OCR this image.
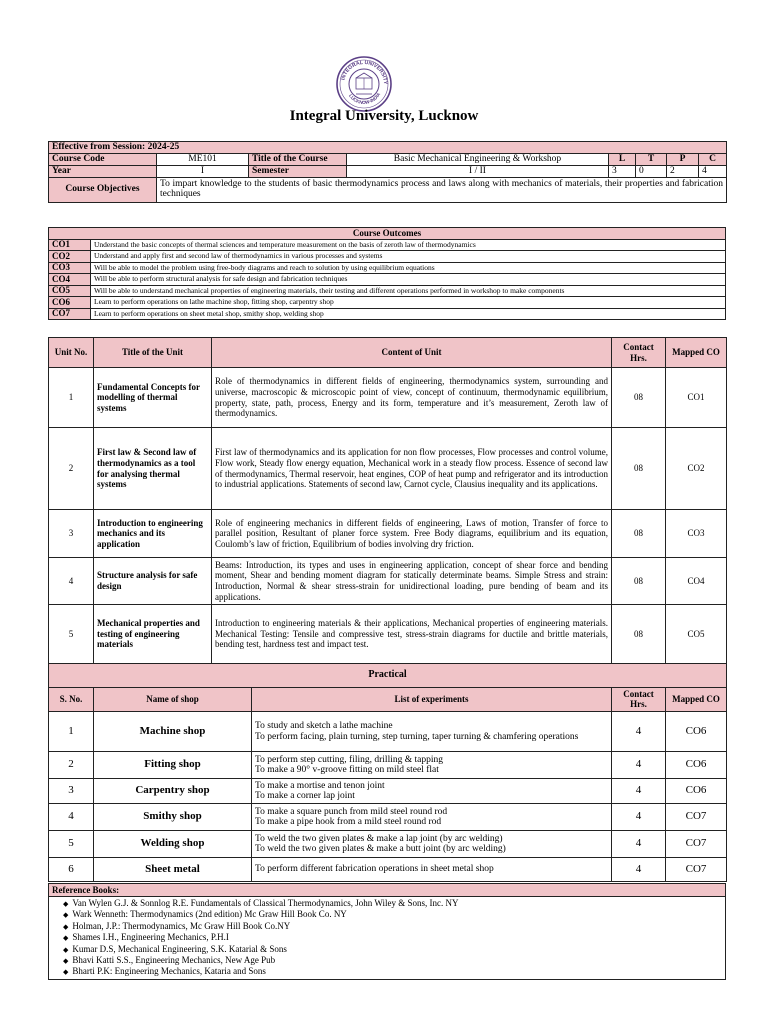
INTEGRAL UNIVERSITY
LUCKNOW-INDIA
Integral University, Lucknow
Effective from Session: 2024-25							
Course Code	ME101	Title of the Course	Basic Mechanical Engineering & Workshop	L	T	P	C
Year	I	Semester	I / II	3	0	2	4
Course Objectives	To impart knowledge to the students of basic thermodynamics process and laws along with mechanics of materials, their properties and fabrication techniques						
Course Outcomes	
CO1	Understand the basic concepts of thermal sciences and temperature measurement on the basis of zeroth law of thermodynamics
CO2	Understand and apply first and second law of thermodynamics in various processes and systems
CO3	Will be able to model the problem using free-body diagrams and reach to solution by using equilibrium equations
CO4	Will be able to perform structural analysis for safe design and fabrication techniques
CO5	Will be able to understand mechanical properties of engineering materials, their testing and different operations performed in workshop to make components
CO6	Learn to perform operations on lathe machine shop, fitting shop, carpentry shop
CO7	Learn to perform operations on sheet metal shop, smithy shop, welding shop
Unit No.	Title of the Unit	Content of Unit	Contact Hrs.	Mapped CO
1	Fundamental Concepts for modelling of thermal systems	Role of thermodynamics in different fields of engineering, thermodynamics system, surrounding and universe, macroscopic & microscopic point of view, concept of continuum, thermodynamic equilibrium, property, state, path, process, Energy and its form, temperature and it’s measurement, Zeroth law of thermodynamics.	08	CO1
2	First law & Second law of thermodynamics as a tool for analysing thermal systems	First law of thermodynamics and its application for non flow processes, Flow processes and control volume, Flow work, Steady flow energy equation, Mechanical work in a steady flow process. Essence of second law of thermodynamics, Thermal reservoir, heat engines, COP of heat pump and refrigerator and its introduction to industrial applications. Statements of second law, Carnot cycle, Clausius inequality and its applications.	08	CO2
3	Introduction to engineering mechanics and its application	Role of engineering mechanics in different fields of engineering, Laws of motion, Transfer of force to parallel position, Resultant of planer force system. Free Body diagrams, equilibrium and its equation, Coulomb’s law of friction, Equilibrium of bodies involving dry friction.	08	CO3
4	Structure analysis for safe design	Beams: Introduction, its types and uses in engineering application, concept of shear force and bending moment, Shear and bending moment diagram for statically determinate beams. Simple Stress and strain: Introduction, Normal & shear stress-strain for unidirectional loading, pure bending of beam and its applications.	08	CO4
5	Mechanical properties and testing of engineering materials	Introduction to engineering materials & their applications, Mechanical properties of engineering materials. Mechanical Testing: Tensile and compressive test, stress-strain diagrams for ductile and brittle materials, bending test, hardness test and impact test.	08	CO5
Practical				
S. No.	Name of shop	List of experiments	Contact Hrs.	Mapped CO
1	Machine shop	To study and sketch a lathe machine
To perform facing, plain turning, step turning, taper turning & chamfering operations	4	CO6
2	Fitting shop	To perform step cutting, filing, drilling & tapping
To make a 90° v-groove fitting on mild steel flat	4	CO6
3	Carpentry shop	To make a mortise and tenon joint
To make a corner lap joint	4	CO6
4	Smithy shop	To make a square punch from mild steel round rod
To make a pipe hook from a mild steel round rod	4	CO7
5	Welding shop	To weld the two given plates & make a lap joint (by arc welding)
To weld the two given plates & make a butt joint (by arc welding)	4	CO7
6	Sheet metal	To perform different fabrication operations in sheet metal shop	4	CO7
Reference Books:
◆ Van Wylen G.J. & Sonnlog R.E. Fundamentals of Classical Thermodynamics, John Wiley & Sons, Inc. NY
◆ Wark Wenneth: Thermodynamics (2nd edition) Mc Graw Hill Book Co. NY
◆ Holman, J.P.: Thermodynamics, Mc Graw Hill Book Co.NY
◆ Shames I.H., Engineering Mechanics, P.H.I
◆ Kumar D.S, Mechanical Engineering, S.K. Katarial & Sons
◆ Bhavi Katti S.S., Engineering Mechanics, New Age Pub
◆ Bharti P.K: Engineering Mechanics, Kataria and Sons
